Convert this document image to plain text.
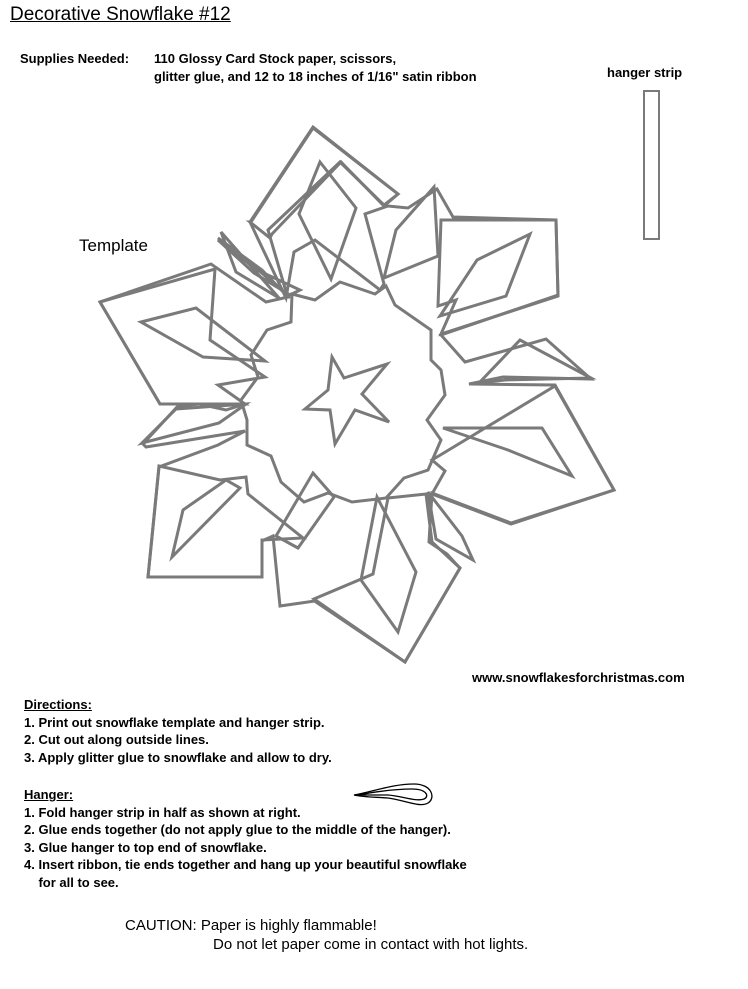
Decorative Snowflake #12
Supplies Needed: 110 Glossy Card Stock paper, scissors,
glitter glue, and 12 to 18 inches of 1/16" satin ribbon	hanger strip
Template
www.snowflakesforchristmas.com
Directions:
1. Print out snowflake template and hanger strip.
2. Cut out along outside lines.
3. Apply glitter glue to snowflake and allow to dry.
Hanger:
1. Fold hanger strip in half as shown at right.
2. Glue ends together (do not apply glue to the middle of the hanger).
3. Glue hanger to top end of snowflake.
4. Insert ribbon, tie ends together and hang up your beautiful snowflake
for all to see.
CAUTION: Paper is highly flammable!
Do not let paper come in contact with hot lights.
